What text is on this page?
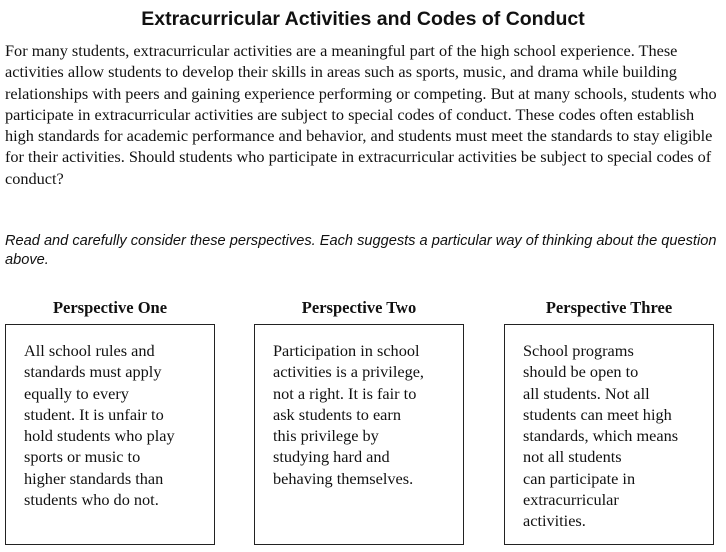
Extracurricular Activities and Codes of Conduct

For many students, extracurricular activities are a meaningful part of the high school experience. These activities allow students to develop their skills in areas such as sports, music, and drama while building relationships with peers and gaining experience performing or competing. But at many schools, students who participate in extracurricular activities are subject to special codes of conduct. These codes often establish high standards for academic performance and behavior, and students must meet the standards to stay eligible for their activities. Should students who participate in extracurricular activities be subject to special codes of conduct?

Read and carefully consider these perspectives. Each suggests a particular way of thinking about the question above.

Perspective One
All school rules and
standards must apply
equally to every
student. It is unfair to
hold students who play
sports or music to
higher standards than
students who do not.
Perspective Two
Participation in school
activities is a privilege,
not a right. It is fair to
ask students to earn
this privilege by
studying hard and
behaving themselves.
Perspective Three
School programs
should be open to
all students. Not all
students can meet high
standards, which means
not all students
can participate in
extracurricular
activities.
